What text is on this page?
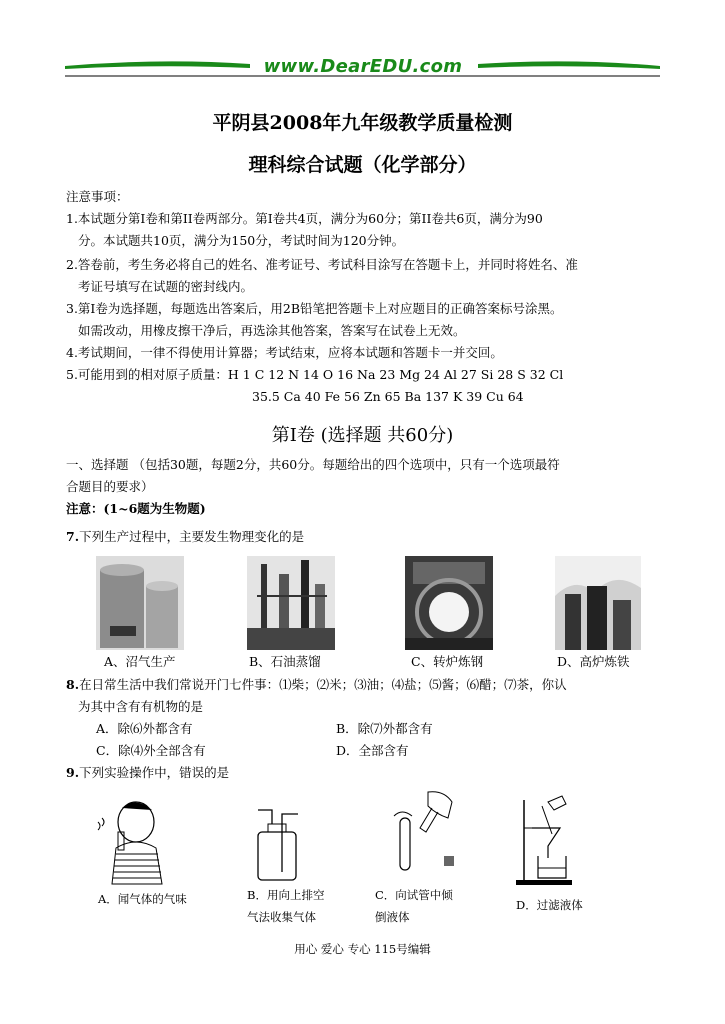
www.DearEDU.com
平阴县2008年九年级教学质量检测
理科综合试题（化学部分）
注意事项：
1.本试题分第Ⅰ卷和第II卷两部分。第Ⅰ卷共4页，满分为60分；第II卷共6页，满分为90
分。本试题共10页，满分为150分，考试时间为120分钟。
2.答卷前，考生务必将自己的姓名、准考证号、考试科目涂写在答题卡上，并同时将姓名、准
考证号填写在试题的密封线内。
3.第Ⅰ卷为选择题，每题选出答案后，用2B铅笔把答题卡上对应题目的正确答案标号涂黑。
如需改动，用橡皮擦干净后，再选涂其他答案，答案写在试卷上无效。
4.考试期间，一律不得使用计算器；考试结束，应将本试题和答题卡一并交回。
5.可能用到的相对原子质量：H 1 C 12 N 14 O 16 Na 23 Mg 24 Al 27 Si 28 S 32 Cl
35.5 Ca 40 Fe 56 Zn 65 Ba 137 K 39 Cu 64
第Ⅰ卷 (选择题 共60分)
一、选择题 （包括30题，每题2分，共60分。每题给出的四个选项中，只有一个选项最符
合题目的要求）
注意：(1~6题为生物题)
7.下列生产过程中，主要发生物理变化的是
A、沼气生产	B、石油蒸馏	C、转炉炼钢	D、高炉炼铁
8.在日常生活中我们常说开门七件事：⑴柴；⑵米；⑶油；⑷盐；⑸酱；⑹醋；⑺茶，你认
为其中含有有机物的是
A．除⑹外都含有	B．除⑺外都含有
C．除⑷外全部含有	D．全部含有
9.下列实验操作中，错误的是
A．闻气体的气味	B．用向上排空
气法收集气体
C．向试管中倾
倒液体
D．过滤液体
用心 爱心 专心 115号编辑
